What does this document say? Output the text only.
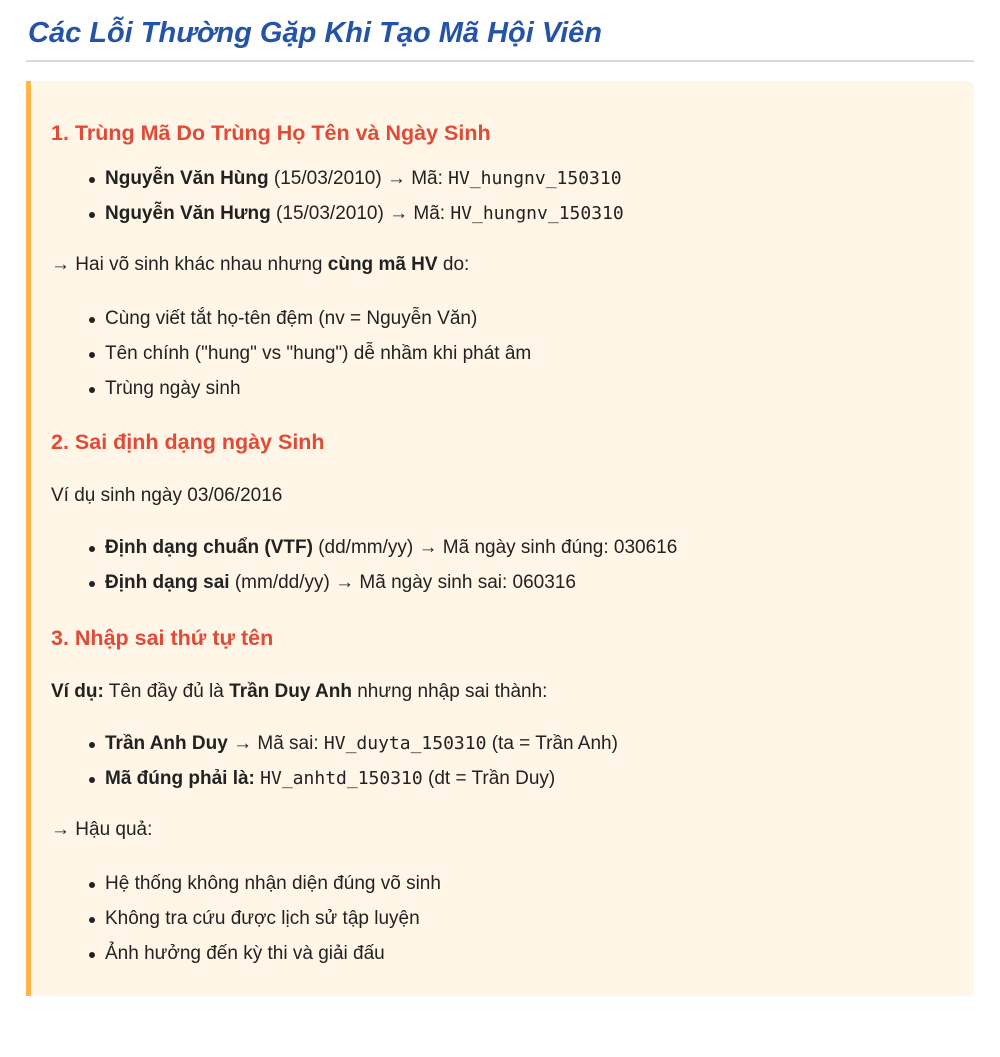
Các Lỗi Thường Gặp Khi Tạo Mã Hội Viên
1. Trùng Mã Do Trùng Họ Tên và Ngày Sinh
Nguyễn Văn Hùng (15/03/2010) → Mã: HV_hungnv_150310
Nguyễn Văn Hưng (15/03/2010) → Mã: HV_hungnv_150310

→ Hai võ sinh khác nhau nhưng cùng mã HV do:

Cùng viết tắt họ-tên đệm (nv = Nguyễn Văn)
Tên chính ("hung" vs "hung") dễ nhầm khi phát âm
Trùng ngày sinh
2. Sai định dạng ngày Sinh

Ví dụ sinh ngày 03/06/2016

Định dạng chuẩn (VTF) (dd/mm/yy) → Mã ngày sinh đúng: 030616
Định dạng sai (mm/dd/yy) → Mã ngày sinh sai: 060316
3. Nhập sai thứ tự tên

Ví dụ: Tên đầy đủ là Trần Duy Anh nhưng nhập sai thành:

Trần Anh Duy → Mã sai: HV_duyta_150310 (ta = Trần Anh)
Mã đúng phải là: HV_anhtd_150310 (dt = Trần Duy)

→ Hậu quả:

Hệ thống không nhận diện đúng võ sinh
Không tra cứu được lịch sử tập luyện
Ảnh hưởng đến kỳ thi và giải đấu
